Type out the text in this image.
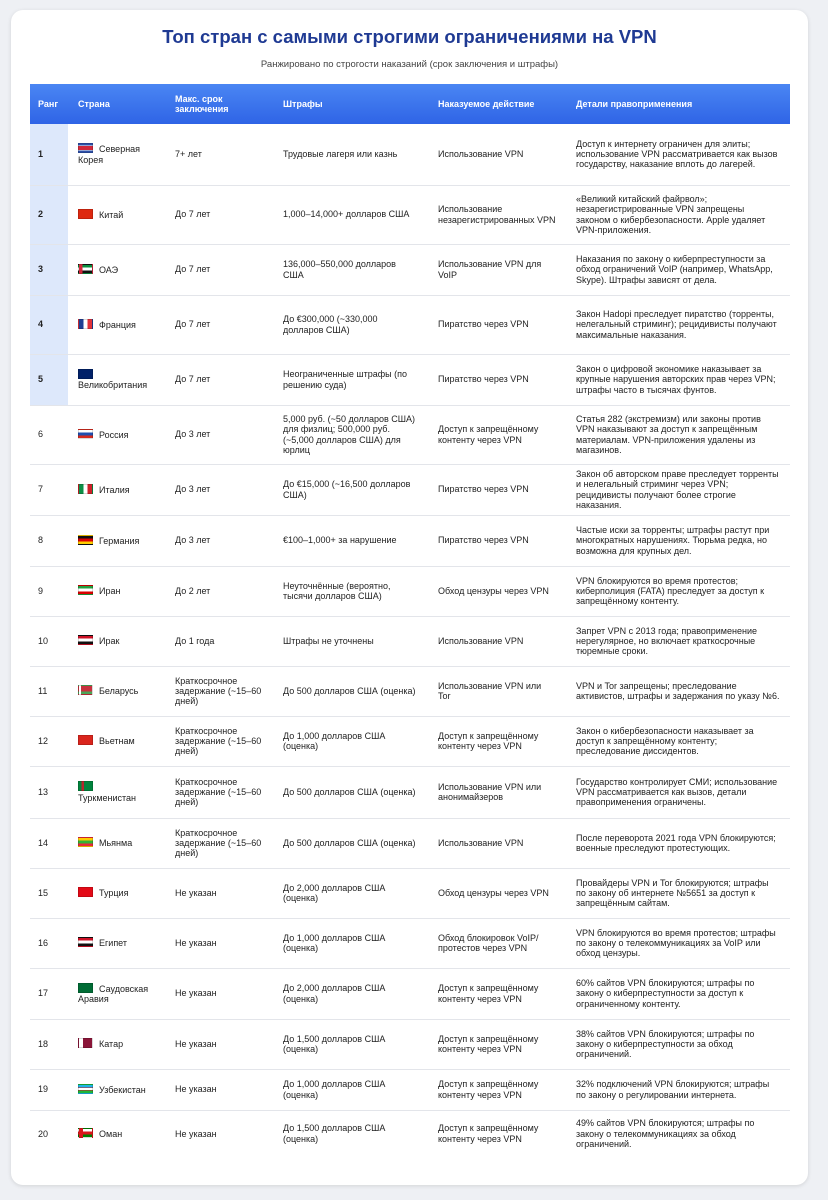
Топ стран с самыми строгими ограничениями на VPN
Ранжировано по строгости наказаний (срок заключения и штрафы)
Ранг	Страна	Макс. срок заключения	Штрафы	Наказуемое действие	Детали правоприменения
1	Северная Корея	7+ лет	Трудовые лагеря или казнь	Использование VPN	Доступ к интернету ограничен для элиты; использование VPN рассматривается как вызов государству, наказание вплоть до лагерей.
2	Китай	До 7 лет	1,000–14,000+ долларов США	Использование незарегистрированных VPN	«Великий китайский файрвол»; незарегистрированные VPN запрещены законом о кибербезопасности. Apple удаляет VPN-приложения.
3	ОАЭ	До 7 лет	136,000–550,000 долларов США	Использование VPN для VoIP	Наказания по закону о киберпреступности за обход ограничений VoIP (например, WhatsApp, Skype). Штрафы зависят от дела.
4	Франция	До 7 лет	До €300,000 (~330,000 долларов США)	Пиратство через VPN	Закон Hadopi преследует пиратство (торренты, нелегальный стриминг); рецидивисты получают максимальные наказания.
5	Великобритания	До 7 лет	Неограниченные штрафы (по решению суда)	Пиратство через VPN	Закон о цифровой экономике наказывает за крупные нарушения авторских прав через VPN; штрафы часто в тысячах фунтов.
6	Россия	До 3 лет	5,000 руб. (~50 долларов США) для физлиц; 500,000 руб. (~5,000 долларов США) для юрлиц	Доступ к запрещённому контенту через VPN	Статья 282 (экстремизм) или законы против VPN наказывают за доступ к запрещённым материалам. VPN-приложения удалены из магазинов.
7	Италия	До 3 лет	До €15,000 (~16,500 долларов США)	Пиратство через VPN	Закон об авторском праве преследует торренты и нелегальный стриминг через VPN; рецидивисты получают более строгие наказания.
8	Германия	До 3 лет	€100–1,000+ за нарушение	Пиратство через VPN	Частые иски за торренты; штрафы растут при многократных нарушениях. Тюрьма редка, но возможна для крупных дел.
9	Иран	До 2 лет	Неуточнённые (вероятно, тысячи долларов США)	Обход цензуры через VPN	VPN блокируются во время протестов; киберполиция (FATA) преследует за доступ к запрещённому контенту.
10	Ирак	До 1 года	Штрафы не уточнены	Использование VPN	Запрет VPN с 2013 года; правоприменение нерегулярное, но включает краткосрочные тюремные сроки.
11	Беларусь	Краткосрочное задержание (~15–60 дней)	До 500 долларов США (оценка)	Использование VPN или Tor	VPN и Tor запрещены; преследование активистов, штрафы и задержания по указу №6.
12	Вьетнам	Краткосрочное задержание (~15–60 дней)	До 1,000 долларов США (оценка)	Доступ к запрещённому контенту через VPN	Закон о кибербезопасности наказывает за доступ к запрещённому контенту; преследование диссидентов.
13	Туркменистан	Краткосрочное задержание (~15–60 дней)	До 500 долларов США (оценка)	Использование VPN или анонимайзеров	Государство контролирует СМИ; использование VPN рассматривается как вызов, детали правоприменения ограничены.
14	Мьянма	Краткосрочное задержание (~15–60 дней)	До 500 долларов США (оценка)	Использование VPN	После переворота 2021 года VPN блокируются; военные преследуют протестующих.
15	Турция	Не указан	До 2,000 долларов США (оценка)	Обход цензуры через VPN	Провайдеры VPN и Tor блокируются; штрафы по закону об интернете №5651 за доступ к запрещённым сайтам.
16	Египет	Не указан	До 1,000 долларов США (оценка)	Обход блокировок VoIP/протестов через VPN	VPN блокируются во время протестов; штрафы по закону о телекоммуникациях за VoIP или обход цензуры.
17	Саудовская Аравия	Не указан	До 2,000 долларов США (оценка)	Доступ к запрещённому контенту через VPN	60% сайтов VPN блокируются; штрафы по закону о киберпреступности за доступ к ограниченному контенту.
18	Катар	Не указан	До 1,500 долларов США (оценка)	Доступ к запрещённому контенту через VPN	38% сайтов VPN блокируются; штрафы по закону о киберпреступности за обход ограничений.
19	Узбекистан	Не указан	До 1,000 долларов США (оценка)	Доступ к запрещённому контенту через VPN	32% подключений VPN блокируются; штрафы по закону о регулировании интернета.
20	Оман	Не указан	До 1,500 долларов США (оценка)	Доступ к запрещённому контенту через VPN	49% сайтов VPN блокируются; штрафы по закону о телекоммуникациях за обход ограничений.
